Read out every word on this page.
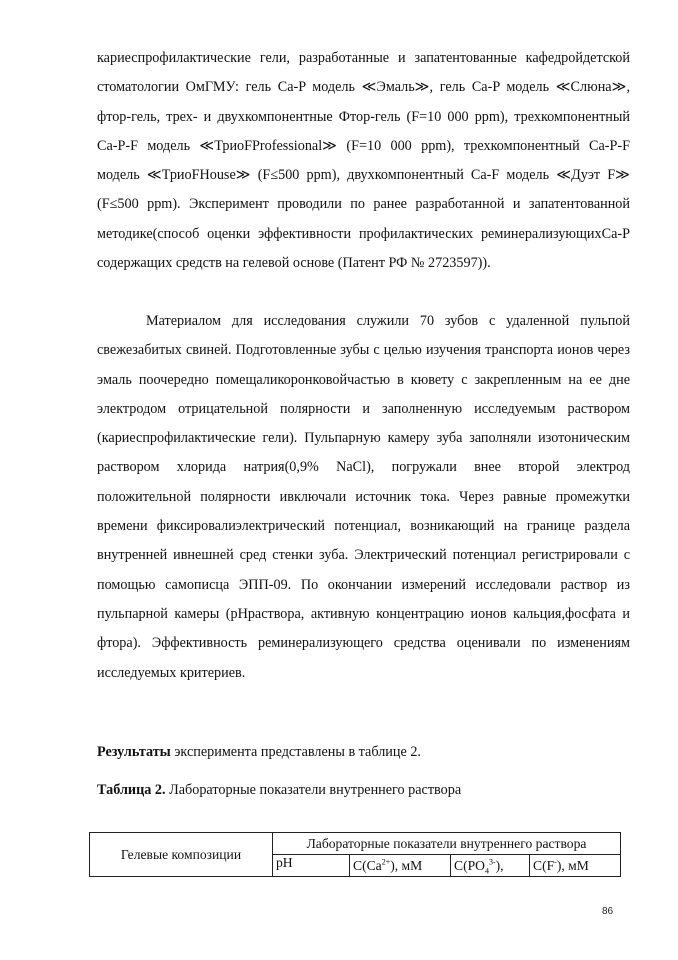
кариеспрофилактические гели, разработанные и запатентованные кафедройдетской стоматологии ОмГМУ: гель Ca-P модель ≪Эмаль≫, гель Ca-P модель ≪Слюна≫, фтор-гель, трех- и двухкомпонентные Фтор-гель (F=10 000 ppm), трехкомпонентный Ca-P-F модель ≪ТриоFProfessional≫ (F=10 000 ppm), трехкомпонентный Ca-P-F модель ≪ТриоFHouse≫ (F≤500 ppm), двухкомпонентный Ca-F модель ≪Дуэт F≫ (F≤500 ppm). Эксперимент проводили по ранее разработанной и запатентованной методике(способ оценки эффективности профилактических реминерализующихCa-P содержащих средств на гелевой основе (Патент РФ № 2723597)).

Материалом для исследования служили 70 зубов с удаленной пульпой свежезабитых свиней. Подготовленные зубы с целью изучения транспорта ионов через эмаль поочередно помещаликоронковойчастью в кювету с закрепленным на ее дне электродом отрицательной полярности и заполненную исследуемым раствором (кариеспрофилактические гели). Пульпарную камеру зуба заполняли изотоническим раствором хлорида натрия(0,9% NaCl), погружали внее второй электрод положительной полярности ивключали источник тока. Через равные промежутки времени фиксировалиэлектрический потенциал, возникающий на границе раздела внутренней ивнешней сред стенки зуба. Электрический потенциал регистрировали с помощью самописца ЭПП-09. По окончании измерений исследовали раствор из пульпарной камеры (рНраствора, активную концентрацию ионов кальция,фосфата и фтора). Эффективность реминерализующего средства оценивали по изменениям исследуемых критериев.

Результаты эксперимента представлены в таблице 2.

Таблица 2. Лабораторные показатели внутреннего раствора

Гелевые композиции	Лабораторные показатели внутреннего раствора			
	pH	$C(Ca^{2+})$, мМ	$C(PO_4^{3-})$,	C(F-), мМ
86
